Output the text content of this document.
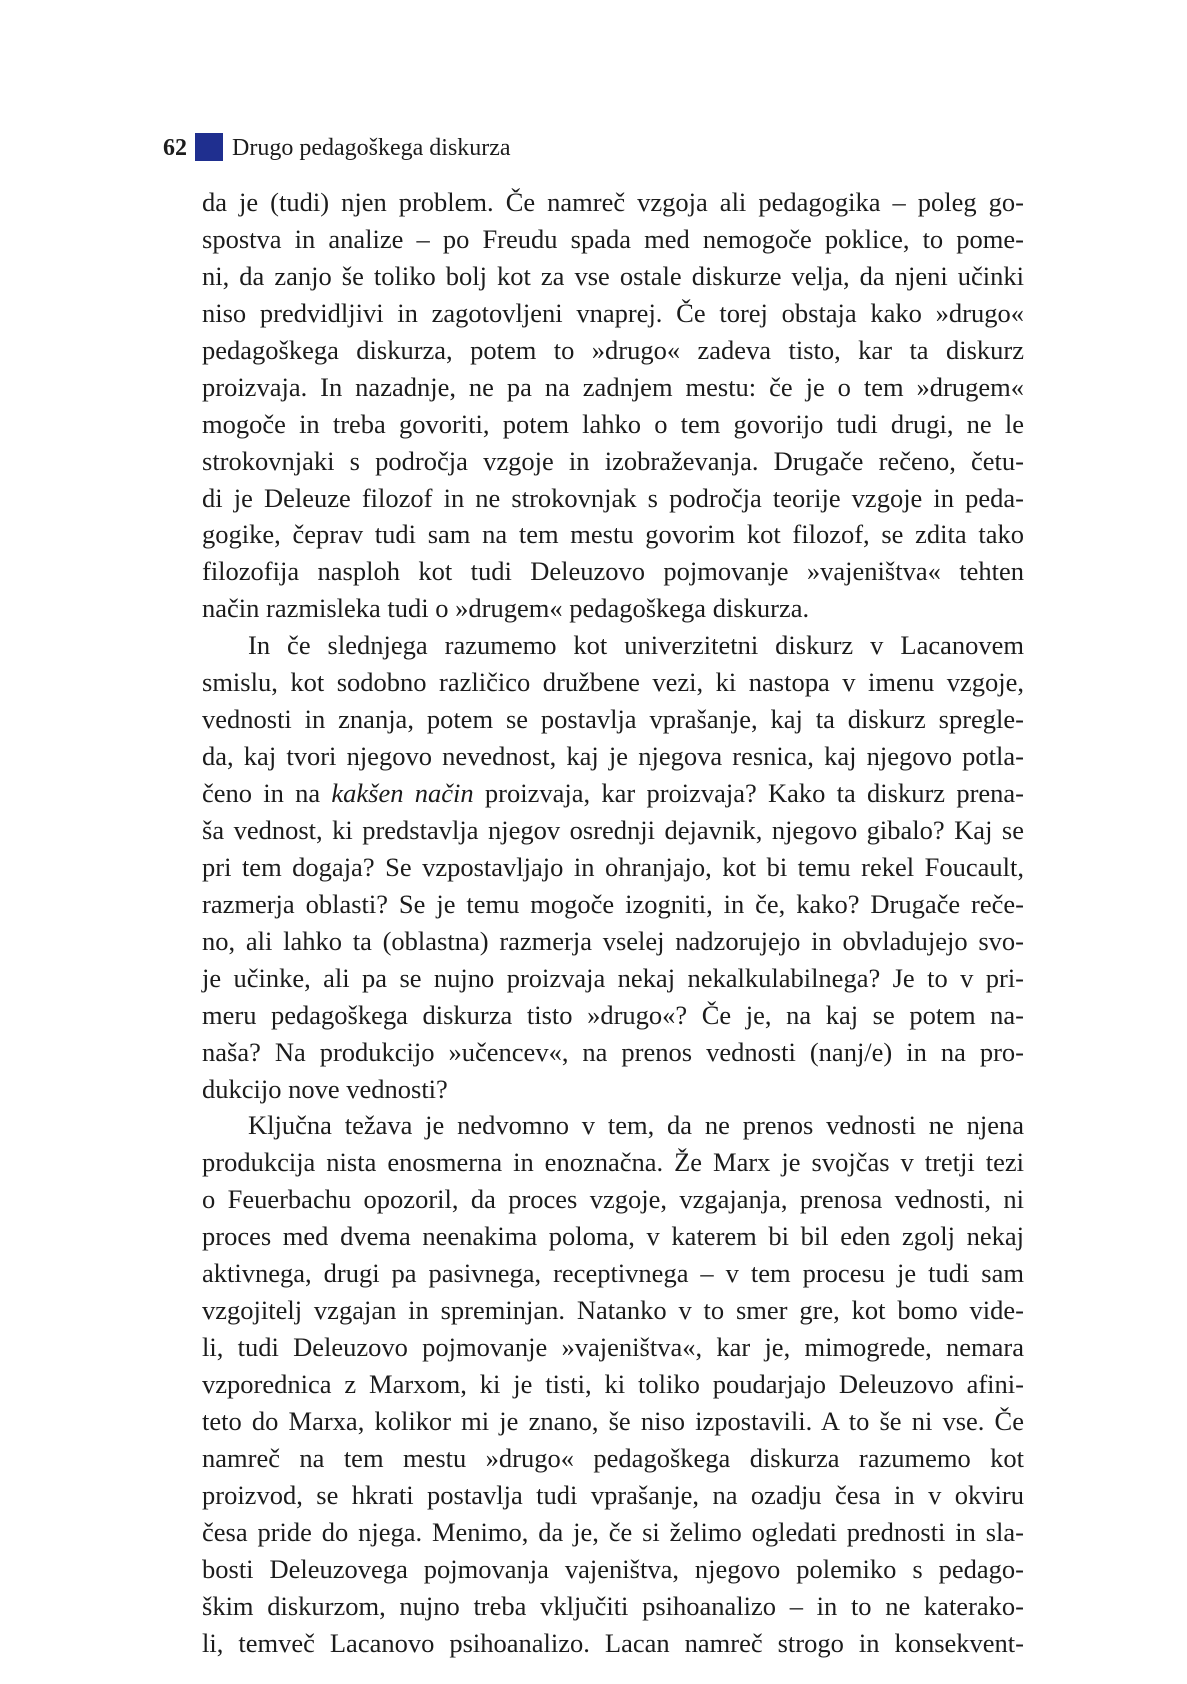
62 Drugo pedagoškega diskurza
da je (tudi) njen problem. Če namreč vzgoja ali pedagogika – poleg go-
spostva in analize – po Freudu spada med nemogoče poklice, to pome-
ni, da zanjo še toliko bolj kot za vse ostale diskurze velja, da njeni učinki
niso predvidljivi in zagotovljeni vnaprej. Če torej obstaja kako »drugo«
pedagoškega diskurza, potem to »drugo« zadeva tisto, kar ta diskurz
proizvaja. In nazadnje, ne pa na zadnjem mestu: če je o tem »drugem«
mogoče in treba govoriti, potem lahko o tem govorijo tudi drugi, ne le
strokovnjaki s področja vzgoje in izobraževanja. Drugače rečeno, četu-
di je Deleuze filozof in ne strokovnjak s področja teorije vzgoje in peda-
gogike, čeprav tudi sam na tem mestu govorim kot filozof, se zdita tako
filozofija nasploh kot tudi Deleuzovo pojmovanje »vajeništva« tehten
način razmisleka tudi o »drugem« pedagoškega diskurza.
In če slednjega razumemo kot univerzitetni diskurz v Lacanovem
smislu, kot sodobno različico družbene vezi, ki nastopa v imenu vzgoje,
vednosti in znanja, potem se postavlja vprašanje, kaj ta diskurz spregle-
da, kaj tvori njegovo nevednost, kaj je njegova resnica, kaj njegovo potla-
čeno in na kakšen način proizvaja, kar proizvaja? Kako ta diskurz prena-
ša vednost, ki predstavlja njegov osrednji dejavnik, njegovo gibalo? Kaj se
pri tem dogaja? Se vzpostavljajo in ohranjajo, kot bi temu rekel Foucault,
razmerja oblasti? Se je temu mogoče izogniti, in če, kako? Drugače reče-
no, ali lahko ta (oblastna) razmerja vselej nadzorujejo in obvladujejo svo-
je učinke, ali pa se nujno proizvaja nekaj nekalkulabilnega? Je to v pri-
meru pedagoškega diskurza tisto »drugo«? Če je, na kaj se potem na-
naša? Na produkcijo »učencev«, na prenos vednosti (nanj/e) in na pro-
dukcijo nove vednosti?
Ključna težava je nedvomno v tem, da ne prenos vednosti ne njena
produkcija nista enosmerna in enoznačna. Že Marx je svojčas v tretji tezi
o Feuerbachu opozoril, da proces vzgoje, vzgajanja, prenosa vednosti, ni
proces med dvema neenakima poloma, v katerem bi bil eden zgolj nekaj
aktivnega, drugi pa pasivnega, receptivnega – v tem procesu je tudi sam
vzgojitelj vzgajan in spreminjan. Natanko v to smer gre, kot bomo vide-
li, tudi Deleuzovo pojmovanje »vajeništva«, kar je, mimogrede, nemara
vzporednica z Marxom, ki je tisti, ki toliko poudarjajo Deleuzovo afini-
teto do Marxa, kolikor mi je znano, še niso izpostavili. A to še ni vse. Če
namreč na tem mestu »drugo« pedagoškega diskurza razumemo kot
proizvod, se hkrati postavlja tudi vprašanje, na ozadju česa in v okviru
česa pride do njega. Menimo, da je, če si želimo ogledati prednosti in sla-
bosti Deleuzovega pojmovanja vajeništva, njegovo polemiko s pedago-
škim diskurzom, nujno treba vključiti psihoanalizo – in to ne katerako-
li, temveč Lacanovo psihoanalizo. Lacan namreč strogo in konsekvent-
